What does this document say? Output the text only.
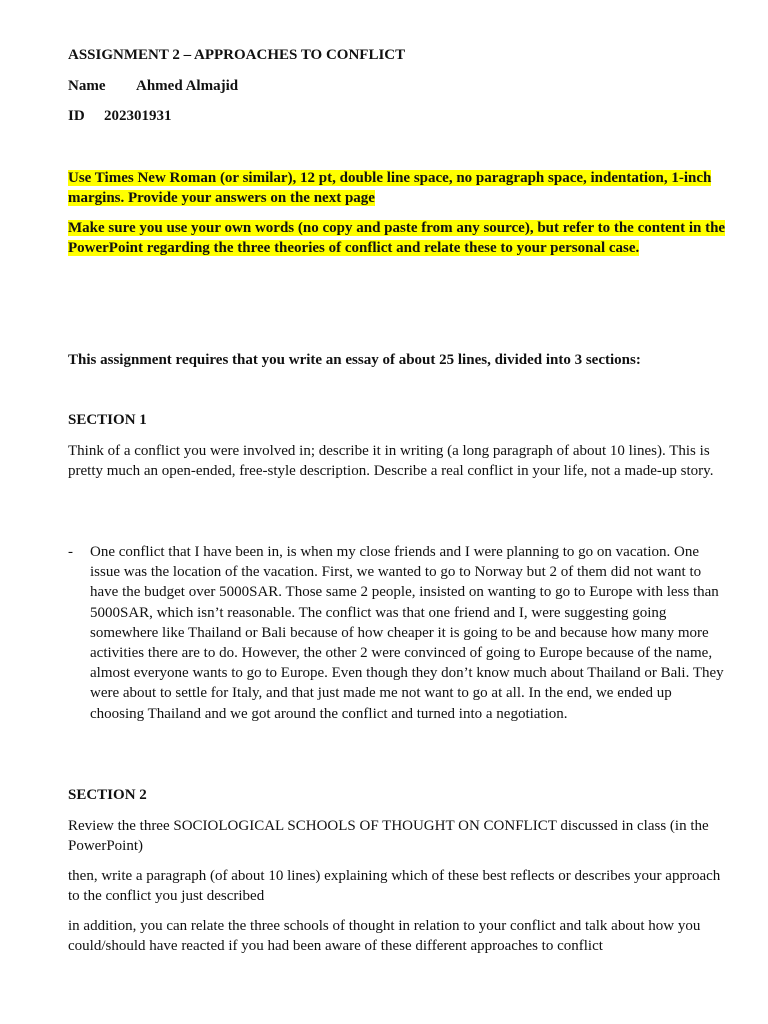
ASSIGNMENT 2 – APPROACHES TO CONFLICT

Name Ahmed Almajid
ID 202301931

Use Times New Roman (or similar), 12 pt, double line space, no paragraph space, indentation, 1-inch margins. Provide your answers on the next page

Make sure you use your own words (no copy and paste from any source), but refer to the content in the PowerPoint regarding the three theories of conflict and relate these to your personal case.

This assignment requires that you write an essay of about 25 lines, divided into 3 sections:

SECTION 1

Think of a conflict you were involved in; describe it in writing (a long paragraph of about 10 lines). This is pretty much an open-ended, free-style description. Describe a real conflict in your life, not a made-up story.

- One conflict that I have been in, is when my close friends and I were planning to go on vacation. One issue was the location of the vacation. First, we wanted to go to Norway but 2 of them did not want to have the budget over 5000SAR. Those same 2 people, insisted on wanting to go to Europe with less than 5000SAR, which isn’t reasonable. The conflict was that one friend and I, were suggesting going somewhere like Thailand or Bali because of how cheaper it is going to be and because how many more activities there are to do. However, the other 2 were convinced of going to Europe because of the name, almost everyone wants to go to Europe. Even though they don’t know much about Thailand or Bali. They were about to settle for Italy, and that just made me not want to go at all. In the end, we ended up choosing Thailand and we got around the conflict and turned into a negotiation.

SECTION 2

Review the three SOCIOLOGICAL SCHOOLS OF THOUGHT ON CONFLICT discussed in class (in the PowerPoint)

then, write a paragraph (of about 10 lines) explaining which of these best reflects or describes your approach to the conflict you just described

in addition, you can relate the three schools of thought in relation to your conflict and talk about how you could/should have reacted if you had been aware of these different approaches to conflict
